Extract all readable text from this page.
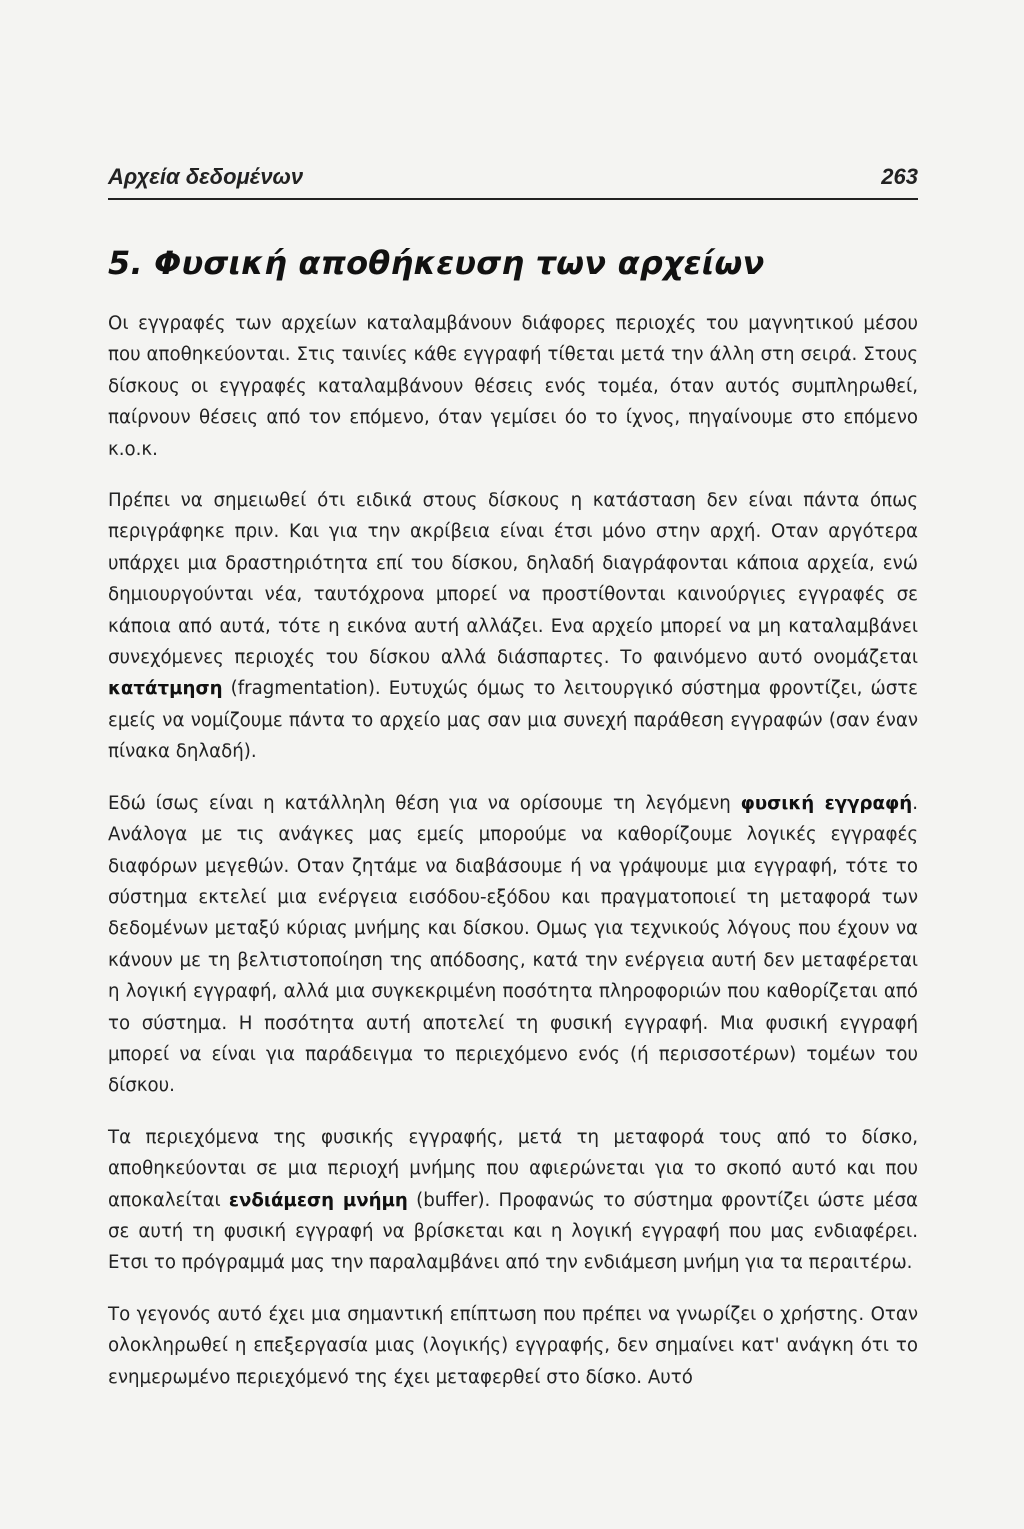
Αρχεία δεδομένων	263
5. Φυσική αποθήκευση των αρχείων

Οι εγγραφές των αρχείων καταλαμβάνουν διάφορες περιοχές του μαγνητικού μέσου που αποθηκεύονται. Στις ταινίες κάθε εγγραφή τίθεται μετά την άλλη στη σειρά. Στους δίσκους οι εγγραφές καταλαμβάνουν θέσεις ενός τομέα, όταν αυτός συμπληρωθεί, παίρνουν θέσεις από τον επόμενο, όταν γεμίσει όο το ίχνος, πηγαίνουμε στο επόμενο κ.ο.κ.

Πρέπει να σημειωθεί ότι ειδικά στους δίσκους η κατάσταση δεν είναι πάντα όπως περιγράφηκε πριν. Και για την ακρίβεια είναι έτσι μόνο στην αρχή. Οταν αργότερα υπάρχει μια δραστηριότητα επί του δίσκου, δηλαδή διαγράφονται κάποια αρχεία, ενώ δημιουργούνται νέα, ταυτόχρονα μπορεί να προστίθονται καινούργιες εγγραφές σε κάποια από αυτά, τότε η εικόνα αυτή αλλάζει. Ενα αρχείο μπορεί να μη καταλαμβάνει συνεχόμενες περιοχές του δίσκου αλλά διάσπαρτες. Το φαινόμενο αυτό ονομάζεται κατάτμηση (fragmentation). Ευτυχώς όμως το λειτουργικό σύστημα φροντίζει, ώστε εμείς να νομίζουμε πάντα το αρχείο μας σαν μια συνεχή παράθεση εγγραφών (σαν έναν πίνακα δηλαδή).

Εδώ ίσως είναι η κατάλληλη θέση για να ορίσουμε τη λεγόμενη φυσική εγγραφή. Ανάλογα με τις ανάγκες μας εμείς μπορούμε να καθορίζουμε λογικές εγγραφές διαφόρων μεγεθών. Οταν ζητάμε να διαβάσουμε ή να γράψουμε μια εγγραφή, τότε το σύστημα εκτελεί μια ενέργεια εισόδου-εξόδου και πραγματοποιεί τη μεταφορά των δεδομένων μεταξύ κύριας μνήμης και δίσκου. Ομως για τεχνικούς λόγους που έχουν να κάνουν με τη βελτιστοποίηση της απόδοσης, κατά την ενέργεια αυτή δεν μεταφέρεται η λογική εγγραφή, αλλά μια συγκεκριμένη ποσότητα πληροφοριών που καθορίζεται από το σύστημα. Η ποσότητα αυτή αποτελεί τη φυσική εγγραφή. Μια φυσική εγγραφή μπορεί να είναι για παράδειγμα το περιεχόμενο ενός (ή περισσοτέρων) τομέων του δίσκου.

Τα περιεχόμενα της φυσικής εγγραφής, μετά τη μεταφορά τους από το δίσκο, αποθηκεύονται σε μια περιοχή μνήμης που αφιερώνεται για το σκοπό αυτό και που αποκαλείται ενδιάμεση μνήμη (buffer). Προφανώς το σύστημα φροντίζει ώστε μέσα σε αυτή τη φυσική εγγραφή να βρίσκεται και η λογική εγγραφή που μας ενδιαφέρει. Ετσι το πρόγραμμά μας την παραλαμβάνει από την ενδιάμεση μνήμη για τα περαιτέρω.

Το γεγονός αυτό έχει μια σημαντική επίπτωση που πρέπει να γνωρίζει ο χρήστης. Οταν ολοκληρωθεί η επεξεργασία μιας (λογικής) εγγραφής, δεν σημαίνει κατ' ανάγκη ότι το ενημερωμένο περιεχόμενό της έχει μεταφερθεί στο δίσκο. Αυτό
